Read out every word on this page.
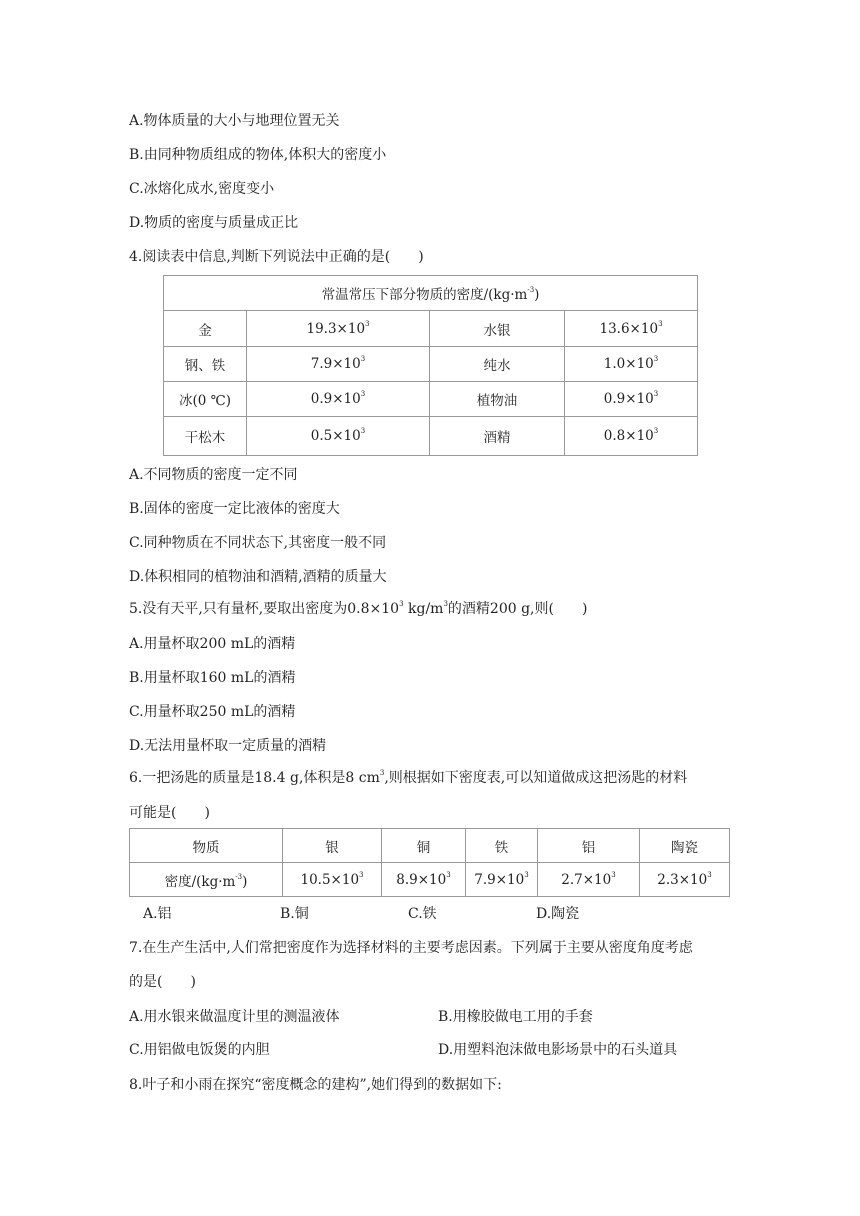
A.物体质量的大小与地理位置无关
B.由同种物质组成的物体,体积大的密度小
C.冰熔化成水,密度变小
D.物质的密度与质量成正比
4.阅读表中信息,判断下列说法中正确的是(　　)
常温常压下部分物质的密度$/(kg\cdot m^{-3})$			
金	$19.3\times 10^3$	水银	$13.6\times 10^3$
钢、铁	$7.9\times 10^3$	纯水	$1.0\times 10^3$
冰(0 ℃)	$0.9\times 10^3$	植物油	$0.9\times 10^3$
干松木	$0.5\times 10^3$	酒精	$0.8\times 10^3$
A.不同物质的密度一定不同
B.固体的密度一定比液体的密度大
C.同种物质在不同状态下,其密度一般不同
D.体积相同的植物油和酒精,酒精的质量大
5.没有天平,只有量杯,要取出密度为$0.8\times 10^3$ $kg/m^3$的酒精200 g,则(　　)
A.用量杯取200 mL的酒精
B.用量杯取160 mL的酒精
C.用量杯取250 mL的酒精
D.无法用量杯取一定质量的酒精
6.一把汤匙的质量是18.4 g,体积是8 $cm^3$,则根据如下密度表,可以知道做成这把汤匙的材料
可能是(　　)
物质	银	铜	铁	铝	陶瓷
密度$/(kg\cdot m^{-3})$	$10.5\times 10^3$	$8.9\times 10^3$	$7.9\times 10^3$	$2.7\times 10^3$	$2.3\times 10^3$
A.铝	B.铜	C.铁	D.陶瓷
7.在生产生活中,人们常把密度作为选择材料的主要考虑因素。下列属于主要从密度角度考虑
的是(　　)
A.用水银来做温度计里的测温液体	B.用橡胶做电工用的手套
C.用铝做电饭煲的内胆	D.用塑料泡沫做电影场景中的石头道具
8.叶子和小雨在探究“密度概念的建构”,她们得到的数据如下:
